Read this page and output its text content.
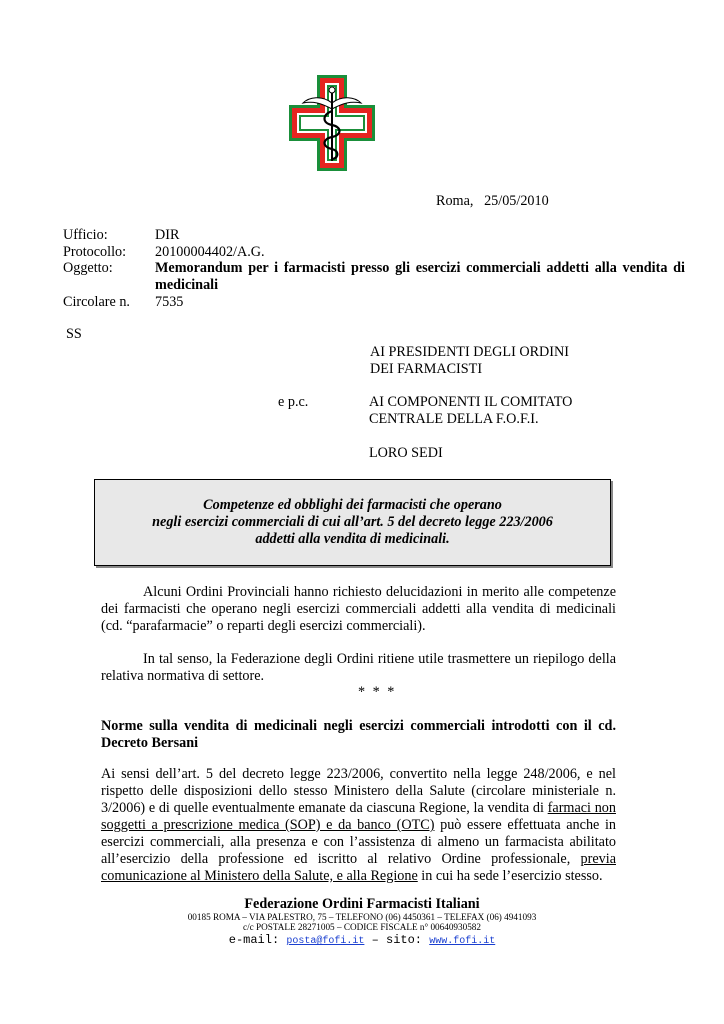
Roma, 25/05/2010
Ufficio:	DIR
Protocollo: 20100004402/A.G.
Oggetto:	Memorandum per i farmacisti presso gli esercizi commerciali addetti alla vendita di medicinali
Circolare n. 7535
SS
AI PRESIDENTI DEGLI ORDINI
DEI FARMACISTI
e p.c.	AI COMPONENTI IL COMITATO
CENTRALE DELLA F.O.F.I.
LORO SEDI
Competenze ed obblighi dei farmacisti che operano
negli esercizi commerciali di cui all’art. 5 del decreto legge 223/2006
addetti alla vendita di medicinali.
Alcuni Ordini Provinciali hanno richiesto delucidazioni in merito alle competenze dei farmacisti che operano negli esercizi commerciali addetti alla vendita di medicinali (cd. “parafarmacie” o reparti degli esercizi commerciali).
In tal senso, la Federazione degli Ordini ritiene utile trasmettere un riepilogo della relativa normativa di settore.
* * *
Norme sulla vendita di medicinali negli esercizi commerciali introdotti con il cd. Decreto Bersani
Ai sensi dell’art. 5 del decreto legge 223/2006, convertito nella legge 248/2006, e nel rispetto delle disposizioni dello stesso Ministero della Salute (circolare ministeriale n. 3/2006) e di quelle eventualmente emanate da ciascuna Regione, la vendita di farmaci non soggetti a prescrizione medica (SOP) e da banco (OTC) può essere effettuata anche in esercizi commerciali, alla presenza e con l’assistenza di almeno un farmacista abilitato all’esercizio della professione ed iscritto al relativo Ordine professionale, previa comunicazione al Ministero della Salute, e alla Regione in cui ha sede l’esercizio stesso.
Federazione Ordini Farmacisti Italiani
00185 ROMA – VIA PALESTRO, 75 – TELEFONO (06) 4450361 – TELEFAX (06) 4941093
c/c POSTALE 28271005 – CODICE FISCALE n° 00640930582
e-mail: posta@fofi.it – sito: www.fofi.it
